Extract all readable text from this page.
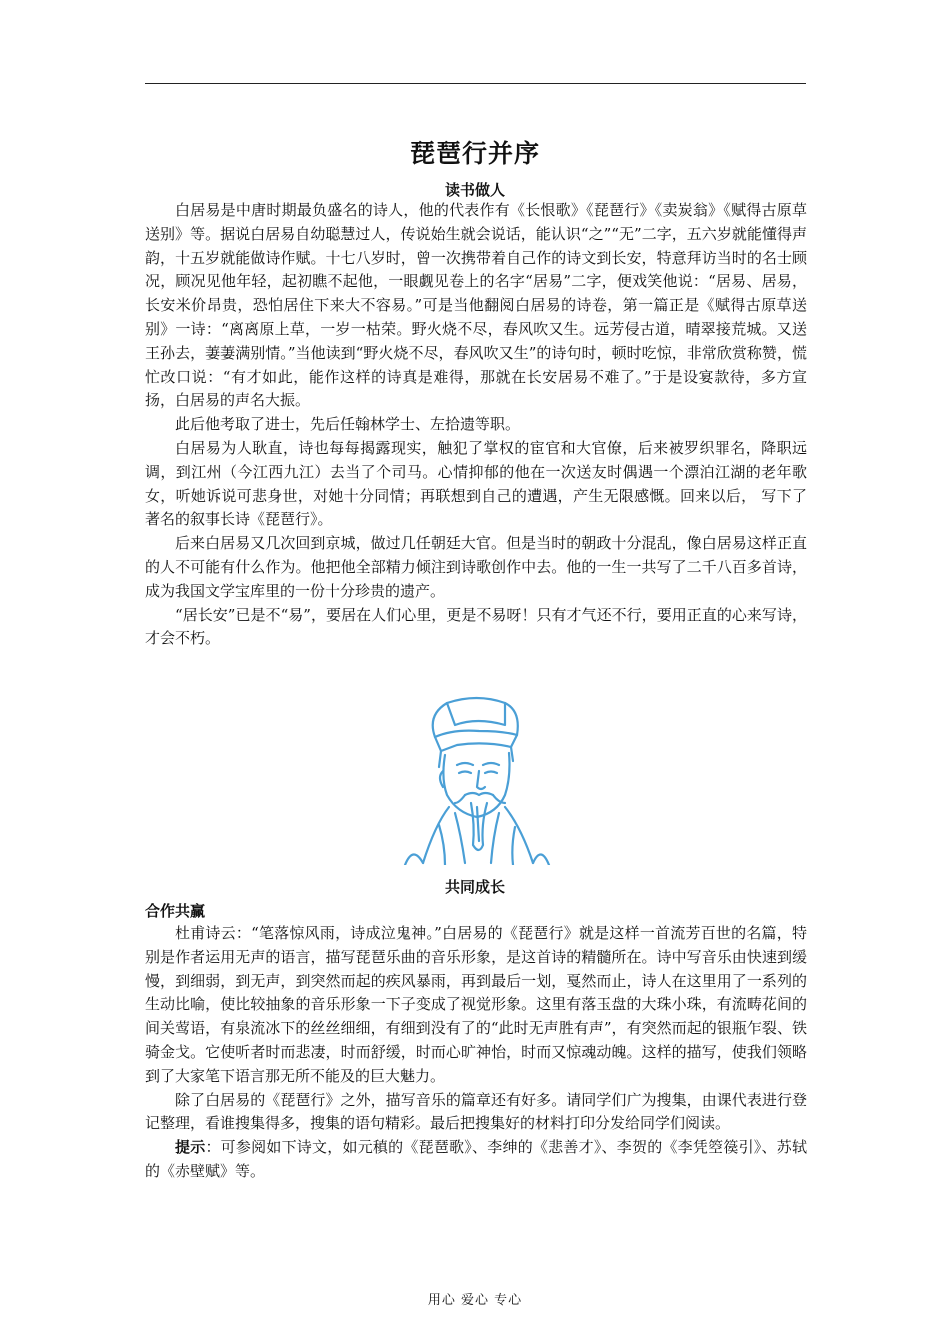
琵琶行并序
读书做人

白居易是中唐时期最负盛名的诗人，他的代表作有《长恨歌》《琵琶行》《卖炭翁》《赋得古原草送别》等。据说白居易自幼聪慧过人，传说始生就会说话，能认识“之”“无”二字，五六岁就能懂得声韵，十五岁就能做诗作赋。十七八岁时，曾一次携带着自己作的诗文到长安，特意拜访当时的名士顾况，顾况见他年轻，起初瞧不起他，一眼觑见卷上的名字“居易”二字，便戏笑他说：“居易、居易，长安米价昂贵，恐怕居住下来大不容易。”可是当他翻阅白居易的诗卷，第一篇正是《赋得古原草送别》一诗：“离离原上草，一岁一枯荣。野火烧不尽，春风吹又生。远芳侵古道，晴翠接荒城。又送王孙去，萋萋满别情。”当他读到“野火烧不尽，春风吹又生”的诗句时，顿时吃惊，非常欣赏称赞，慌忙改口说：“有才如此，能作这样的诗真是难得，那就在长安居易不难了。”于是设宴款待，多方宣扬，白居易的声名大振。

此后他考取了进士，先后任翰林学士、左拾遗等职。

白居易为人耿直，诗也每每揭露现实，触犯了掌权的宦官和大官僚，后来被罗织罪名，降职远调，到江州（今江西九江）去当了个司马。心情抑郁的他在一次送友时偶遇一个漂泊江湖的老年歌女，听她诉说可悲身世，对她十分同情；再联想到自己的遭遇，产生无限感慨。回来以后， 写下了著名的叙事长诗《琵琶行》。

后来白居易又几次回到京城，做过几任朝廷大官。但是当时的朝政十分混乱，像白居易这样正直的人不可能有什么作为。他把他全部精力倾注到诗歌创作中去。他的一生一共写了二千八百多首诗，成为我国文学宝库里的一份十分珍贵的遗产。

“居长安”已是不“易”，要居在人们心里，更是不易呀！只有才气还不行，要用正直的心来写诗，才会不朽。

共同成长
合作共赢

杜甫诗云：“笔落惊风雨，诗成泣鬼神。”白居易的《琵琶行》就是这样一首流芳百世的名篇，特别是作者运用无声的语言，描写琵琶乐曲的音乐形象，是这首诗的精髓所在。诗中写音乐由快速到缓慢，到细弱，到无声，到突然而起的疾风暴雨，再到最后一划，戛然而止，诗人在这里用了一系列的生动比喻，使比较抽象的音乐形象一下子变成了视觉形象。这里有落玉盘的大珠小珠，有流畴花间的间关莺语，有泉流冰下的丝丝细细，有细到没有了的“此时无声胜有声”，有突然而起的银瓶乍裂、铁骑金戈。它使听者时而悲凄，时而舒缓，时而心旷神怡，时而又惊魂动魄。这样的描写，使我们领略到了大家笔下语言那无所不能及的巨大魅力。

除了白居易的《琵琶行》之外，描写音乐的篇章还有好多。请同学们广为搜集，由课代表进行登记整理，看谁搜集得多，搜集的语句精彩。最后把搜集好的材料打印分发给同学们阅读。

提示：可参阅如下诗文，如元稹的《琵琶歌》、李绅的《悲善才》、李贺的《李凭箜篌引》、苏轼的《赤壁赋》等。

用心 爱心 专心
